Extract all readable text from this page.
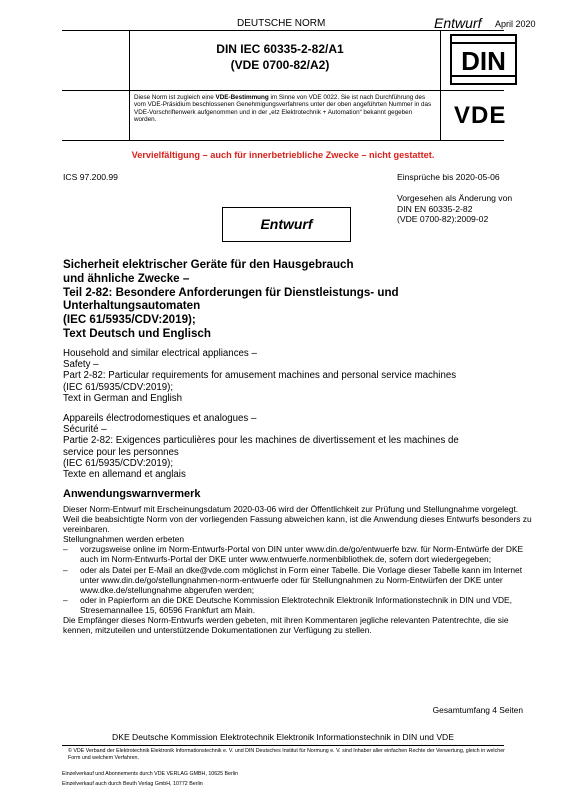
DEUTSCHE NORM	Entwurf April 2020
DIN IEC 60335-2-82/A1
(VDE 0700-82/A2)	DIN
Diese Norm ist zugleich eine VDE-Bestimmung im Sinne von VDE 0022. Sie ist nach Durchführung des vom VDE-Präsidium beschlossenen Genehmigungsverfahrens unter der oben angeführten Nummer in das VDE-Vorschriftenwerk aufgenommen und in der „etz Elektrotechnik + Automation“ bekannt gegeben worden.	VDE
Vervielfältigung – auch für innerbetriebliche Zwecke – nicht gestattet.
ICS 97.200.99	Einsprüche bis 2020-05-06
Vorgesehen als Änderung von
DIN EN 60335-2-82
(VDE 0700-82):2009-02
Entwurf
Sicherheit elektrischer Geräte für den Hausgebrauch
und ähnliche Zwecke –
Teil 2-82: Besondere Anforderungen für Dienstleistungs- und
Unterhaltungsautomaten
(IEC 61/5935/CDV:2019);
Text Deutsch und Englisch
Household and similar electrical appliances –
Safety –
Part 2-82: Particular requirements for amusement machines and personal service machines
(IEC 61/5935/CDV:2019);
Text in German and English
Appareils électrodomestiques et analogues –
Sécurité –
Partie 2-82: Exigences particulières pour les machines de divertissement et les machines de
service pour les personnes
(IEC 61/5935/CDV:2019);
Texte en allemand et anglais
Anwendungswarnvermerk

Dieser Norm-Entwurf mit Erscheinungsdatum 2020-03-06 wird der Öffentlichkeit zur Prüfung und Stellungnahme vorgelegt.

Weil die beabsichtigte Norm von der vorliegenden Fassung abweichen kann, ist die Anwendung dieses Entwurfs besonders zu vereinbaren.

Stellungnahmen werden erbeten

– vorzugsweise online im Norm-Entwurfs-Portal von DIN unter www.din.de/go/entwuerfe bzw. für Norm-Entwürfe der DKE auch im Norm-Entwurfs-Portal der DKE unter www.entwuerfe.normenbibliothek.de, sofern dort wiedergegeben;
– oder als Datei per E-Mail an dke@vde.com möglichst in Form einer Tabelle. Die Vorlage dieser Tabelle kann im Internet unter www.din.de/go/stellungnahmen-norm-entwuerfe oder für Stellungnahmen zu Norm-Entwürfen der DKE unter www.dke.de/stellungnahme abgerufen werden;
– oder in Papierform an die DKE Deutsche Kommission Elektrotechnik Elektronik Informationstechnik in DIN und VDE, Stresemannallee 15, 60596 Frankfurt am Main.

Die Empfänger dieses Norm-Entwurfs werden gebeten, mit ihren Kommentaren jegliche relevanten Patentrechte, die sie kennen, mitzuteilen und unterstützende Dokumentationen zur Verfügung zu stellen.

Gesamtumfang 4 Seiten
DKE Deutsche Kommission Elektrotechnik Elektronik Informationstechnik in DIN und VDE
© VDE Verband der Elektrotechnik Elektronik Informationstechnik e. V. und DIN Deutsches Institut für Normung e. V. sind Inhaber aller einfachen Rechte der Verwertung, gleich in welcher Form und welchem Verfahren.
Einzelverkauf und Abonnements durch VDE VERLAG GMBH, 10625 Berlin
Einzelverkauf auch durch Beuth Verlag GmbH, 10772 Berlin
